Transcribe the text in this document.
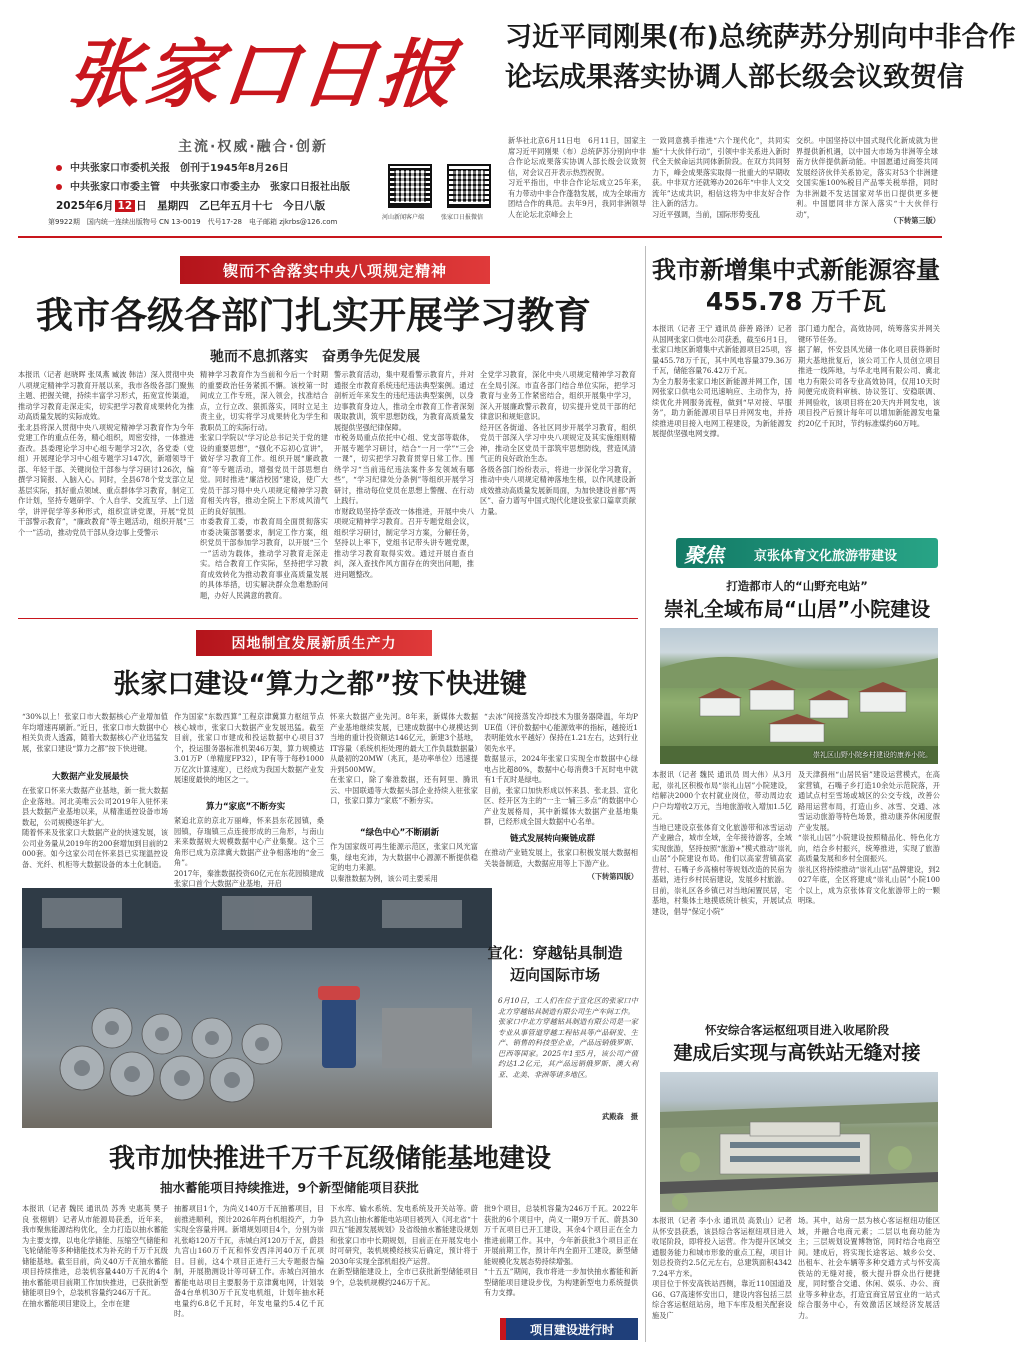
张家口日报
主流·权威·融合·创新
中共张家口市委机关报　创刊于1945年8月26日
中共张家口市委主管　中共张家口市委主办　张家口日报社出版
2025年6月 12 日　星期四　乙巳年五月十七　今日八版
第9922期　国内统一连续出版物号 CN 13-0019　代号17-28　电子邮箱 zjkrbs@126.com
河山新闻客户端	张家口日报微信
习近平同刚果(布)总统萨苏分别向中非合作
论坛成果落实协调人部长级会议致贺信
新华社北京6月11日电　6月11日，国家主席习近平同刚果（布）总统萨苏分别向中非合作论坛成果落实协调人部长级会议致贺信，对会议召开表示热烈祝贺。
习近平指出，中非合作论坛成立25年来，有力带动中非合作蓬勃发展，成为全球南方团结合作的典范。去年9月，我同非洲领导人在论坛北京峰会上
一致同意携手推进“六个现代化”，共同实施“十大伙伴行动”，引领中非关系进入新时代全天候命运共同体新阶段。在双方共同努力下，峰会成果落实取得一批重大的早期收获。中非双方还就筹办2026年“中非人文交流年”达成共识，相信这将为中非友好合作注入新的活力。
习近平强调，当前，国际形势变乱
交织。中国坚持以中国式现代化新成就为世界提供新机遇，以中国大市场为非洲等全球南方伙伴提供新动能。中国愿通过商签共同发展经济伙伴关系协定，落实对53个非洲建交国实施100%税目产品零关税举措，同时为非洲最不发达国家对华出口提供更多便利。中国愿同非方深入落实“十大伙伴行动”，
（下转第三版）
锲而不舍落实中央八项规定精神
我市各级各部门扎实开展学习教育
驰而不息抓落实　奋勇争先促发展
本报讯（记者 赵晓晖 张凤燕 臧波 韩洁）深入贯彻中央八项规定精神学习教育开展以来，我市各级各部门聚焦主题、把握关键，持续丰富学习形式，拓宽宣传渠道，推动学习教育走深走实，切实把学习教育成果转化为推动高质量发展的实际成效。
张北县将深入贯彻中央八项规定精神学习教育作为今年党建工作的重点任务，精心组织，周密安排，一体推进查改。县委理论学习中心组专题学习2次，各党委（党组）开展理论学习中心组专题学习147次，新增领导干部、年轻干部、关键岗位干部参与学习研讨126次，编撰学习简报、入脑入心。同时，全县678个党支部立足基层实际，抓好重点领域、重点群体学习教育，制定工作计划，坚持专题研学、个人自学、交流互学、上门送学，讲评促学等多种形式，组织宣讲党课，开展“党员干部警示教育”，“廉政教育”等主题活动，组织开展“三个一”活动，推动党员干部从身边事上受警示
精神学习教育作为当前和今后一个时期的重要政治任务紧抓不懈。该校第一时间成立工作专班，深入领会，找准结合点，立行立改、狠抓落实，同时立足主责主业，切实将学习成果转化为学生和教职员工的实际行动。
张家口学院以“学习论总书记关于党的建设的重要思想”，“强化不忘初心宣讲”，做好学习教育工作。组织开展“廉政教育”等专题活动，增强党员干部思想自觉。同时推进“廉洁校园”建设，使广大党员干部习得中央八项规定精神学习教育相关内容，推动全院上下形成风清气正的良好氛围。
市委教育工委，市教育局全面贯彻落实市委决策部署要求，制定工作方案，组织党员干部参加学习教育，以开展“三个一”活动为载体，推动学习教育走深走实。结合教育工作实际，坚持把学习教育成效转化为推动教育事业高质量发展的具体举措，切实解决群众急难愁盼问题，办好人民满意的教育。
警示教育活动，集中观看警示教育片，并对通报全市教育系统违纪违法典型案例。通过剖析近年来发生的违纪违法典型案例，以身边事教育身边人，推动全市教育工作者深刻吸取教训，筑牢思想防线，为教育高质量发展提供坚强纪律保障。
市税务局重点依托中心组、党支部等载体，开展专题学习研讨，结合“一月一学”“三会一课”，切实把学习教育贯穿日常工作。围绕学习“当前违纪违法案件多发领域有哪些”，“学习纪律处分条例”等组织开展学习研讨，推动每位党员在思想上警醒、在行动上践行。
市财政局坚持学查改一体推进，开展中央八项规定精神学习教育。召开专题党组会议，组织学习研讨，制定学习方案，分解任务，坚持以上率下，党组书记带头讲专题党课，推动学习教育取得实效。通过开展自查自纠，深入查找作风方面存在的突出问题，推进问题整改。
全党学习教育，深化中央八项规定精神学习教育在全局引深。市直各部门结合单位实际，把学习教育与业务工作紧密结合，组织开展集中学习，深入开展廉政警示教育，切实提升党员干部的纪律意识和规矩意识。
经开区各街道、各社区同步开展学习教育，组织党员干部深入学习中央八项规定及其实施细则精神，推动全区党员干部筑牢思想防线，营造风清气正的良好政治生态。
各级各部门纷纷表示，将进一步深化学习教育，推动中央八项规定精神落地生根，以作风建设新成效推动高质量发展新局面，为加快建设首都“两区”、奋力谱写中国式现代化建设张家口篇章贡献力量。
我市新增集中式新能源容量
455.78 万千瓦
本报讯（记者 王宁 通讯员 薛善 路泽）记者从国网张家口供电公司获悉，截至6月1日，张家口地区新增集中式新能源项目25项，容量455.78万千瓦，其中风电容量379.36万千瓦，储能容量76.42万千瓦。
为全力服务张家口地区新能源并网工作，国网张家口供电公司迅速响应、主动作为，持续优化并网服务流程，做到“早对接、早服务”，助力新能源项目早日并网发电，并持续推进项目接入电网工程建设，为新能源发展提供坚强电网支撑。
部门通力配合，高效协同，统筹落实并网关键环节任务。
据了解，怀安县风光储一体化项目获得新时期大基地批复后，该公司工作人员创立项目推进一线阵地，与华北电网有限公司、冀北电力有限公司各专业高效协同，仅用10天时间便完成资料审核、协议签订、安稳联调、并网验收，该项目将在20天内并网发电，该项目投产后预计每年可以增加新能源发电量约20亿千瓦时，节约标准煤约60万吨。
聚焦 京张体育文化旅游带建设
打造都市人的“山野充电站”
崇礼全域布局“山居”小院建设
崇礼区山野小院乡村建设的康养小院。
本报讯（记者 魏民 通讯员 周大伟）从3月起，崇礼区积极布局“崇礼山居”小院建设，结解决2000个农村就业岗位，带动周边农户户均增收2万元，当地旅游收入增加1.5亿元。
当地已建设京张体育文化旅游带和冰雪运动产业融合，城市全域，全年接待游客，全域实现旅游，坚持按照“旅游+”模式推动“崇礼山居”小院建设布局。他们以高家营镇高家营村、石嘴子乡高楠村等规划改造的民宿为基础，进行乡村民宿建设，发展乡村旅游。
目前，崇礼区各乡镇已对当地闲置民居，宅基地，村集体土地摸底统计核实，开展试点建设，倡导“保定小院”
及天津蓟州“山居民宿”建设运营模式，在高家营镇，石嘴子乡打造10余处示范院落，开通试点村至雪场或城区的公交专线，改善公路用运营布局，打造山乡、冰雪、交通、冰雪运动旅游等特色场景，推动康养休闲度假产业发展。
“崇礼山居”小院建设按照精品化、特色化方向，结合乡村振兴，统筹推进，实现了旅游高质量发展和乡村全面振兴。
崇礼区将持续推动“崇礼山居”品牌建设，到2027年底，全区将建成“崇礼山居”小院100个以上，成为京张体育文化旅游带上的一颗明珠。
怀安综合客运枢纽项目进入收尾阶段
建成后实现与高铁站无缝对接
本报讯（记者 李小永 通讯员 高景山）记者从怀安县获悉，该县综合客运枢纽项目进入收尾阶段，即将投入运营。作为提升区域交通服务能力和城市形象的重点工程，项目计划总投资约2.5亿元左右，总建筑面积43427.24平方米。
项目位于怀安高铁站西侧，靠近110国道及G6、G7高速怀安出口，建设内容包括三层综合客运枢纽站房，地下车库及相关配套设施及广
场。其中，站房一层为核心客运枢纽功能区域，并融合电商元素；二层以电商功能为主；三层规划设置博物馆，同时结合电商空间。建成后，将实现长途客运、城乡公交、出租车、社会车辆等多种交通方式与怀安高铁站的无缝对接，极大提升群众出行便捷度，同时整合交通、休闲、娱乐、办公、商业等多种业态，打造宜商宜居宜业的一站式综合服务中心，有效激活区域经济发展活力。
因地制宜发展新质生产力
张家口建设“算力之都”按下快进键
“30%以上！张家口市大数据核心产业增加值年均增速再刷新。”近日，张家口市大数据中心相关负责人透露，随着大数据核心产业迅猛发展，张家口建设“算力之都”按下快进键。
大数据产业发展最快
在张家口怀来大数据产业基地，新一批大数据企业落地。河北美唯云公司2019年入驻怀来县大数据产业基地以来，从精准遥控设备市场数起，公司规模逐年扩大。
随着怀来及张家口大数据产业的快速发展，该公司业务量从2019年的200套增加到目前的2000套。如今这家公司在怀来县已实现温控设备、光纤、机柜等大数据设备的本土化制造。
作为国家“东数西算”工程京津冀算力枢纽节点核心城市，张家口大数据产业发展迅猛。截至目前，张家口市建成和投运数据中心项目37个，投运服务器标准机架46万架，算力规模达3.01万P（单精度FP32），IP有等于每秒1000万亿次计算速度），已经成为我国大数据产业发展速度最快的地区之一。
算力“家底”不断夯实
紧追北京的京北万丽峰，怀来县东花园镇，桑园镇，存瑞镇三点连接形成的三角形，与南山来来数据规大规模数据中心产业集聚。这个三角形已成为京津冀大数据产业争相落地的“金三角”。
2017年，秦淮数据投资60亿元在东花园镇建成张家口首个大数据产业基地，开启
怀来大数据产业先河。8年来，新媒体大数据产业基地继续发展，已建成数据中心规模达到当地的重计投资额达146亿元，新建3个基地，IT容量（系统机柜处理的最大工作负载数据量）从最初的20MW（兆瓦，是功率单位）迅速提升到500MW。
在张家口，除了秦淮数据，还有阿里、腾讯云、中国联通等大数据头部企业持续入驻张家口，张家口算力“家底”不断夯实。
“绿色中心”不断刷新
作为国家级可再生能源示范区，张家口风光富集，绿电充沛，为大数据中心源源不断提供稳定的电力来源。
以秦淮数据为例，该公司主要采用
“去冰”间接蒸发冷却技术为服务器降温，年均PUE值（评价数据中心能源效率的指标，越接近1表明能效水平越好）保持在1.21左右，达到行业领先水平。
数据显示，2024年张家口实现全市数据中心绿电占比超80%，数据中心每消费3千瓦时电中就有1千瓦时是绿电。
目前，张家口加快形成以怀来县、张北县、宣化区、经开区为主的“一主一辅三多点”的数据中心产业发展格局，其中新媒体大数据产业基地集群，已经形成全国大数据中心名单。
链式发展转向聚链成群
在推动产业链发展上，张家口积极发展大数据相关装备制造，大数据应用等上下游产业。
（下转第四版）
宣化：穿越钻具制造
迈向国际市场
6月10日，工人们在位于宣化区的张家口中北方穿越钻具制造有限公司生产车间工作。
张家口中北方穿越钻具制造有限公司是一家专业从事管道穿越工程钻具等产品研发、生产、销售的科技型企业，产品远销俄罗斯、巴西等国家。2025年1至5月，该公司产值约达1.2亿元，其产品远销俄罗斯、澳大利亚、北美、非洲等诸多地区。
武殿森　摄
我市加快推进千万千瓦级储能基地建设
抽水蓄能项目持续推进，9个新型储能项目获批
本报讯（记者 魏民 通讯员 苏秀 史惠英 樊子良 张栩娟）记者从市能源局获悉，近年来，我市聚焦能源结构优化，全力打造以抽水蓄能为主要支撑，以电化学储能、压缩空气储能和飞轮储能等多种储能技术为补充的千万千瓦级储能基地。截至目前，尚义40万千瓦抽水蓄能项目持续推进，总装机容量440万千瓦的4个抽水蓄能项目前期工作加快推进，已获批新型储能项目9个，总装机容量约246万千瓦。
在抽水蓄能项目建设上，全市在建
抽蓄项目1个，为尚义140万千瓦抽蓄项目，目前推进顺利，预计2026年两台机组投产，力争实现全容量并网。新增规划项目4个，分别为崇礼张峪120万千瓦，赤城白河120万千瓦，蔚县九宫山160万千瓦和怀安西洋河40万千瓦项目。目前，这4个项目正进行三大专题报告编制，开展勘测设计等可研工作。赤城白河抽水蓄能电站项目主要服务于京津冀电网，计划装备4台单机30万千瓦发电机组，计划年抽水耗电量约6.8亿千瓦时，年发电量约5.4亿千瓦时。
下水库、输水系统、发电系统及开关站等。蔚县九宫山抽水蓄能电站项目被列入《河北省“十四五”能源发展规划》及省级抽水蓄能建设规划和张家口市中长期规划，目前正在开展发电小时可研究，装机规模经核实后确定，预计将于2030年实现全部机组投产运营。
在新型储能建设上，全市已获批新型储能项目9个，总装机规模约246万千瓦。
批9个项目，总装机容量为246万千瓦。2022年获批的6个项目中，尚义一期9万千瓦、蔚县30万千瓦项目已开工建设，其余4个项目正在全力推进前期工作。其中，今年新获批3个项目正在开展前期工作，预计年内全面开工建设，新型储能规模化发展态势持续增强。
“十五五”期间，我市将进一步加快抽水蓄能和新型储能项目建设步伐，为构建新型电力系统提供有力支撑。
项目建设进行时
